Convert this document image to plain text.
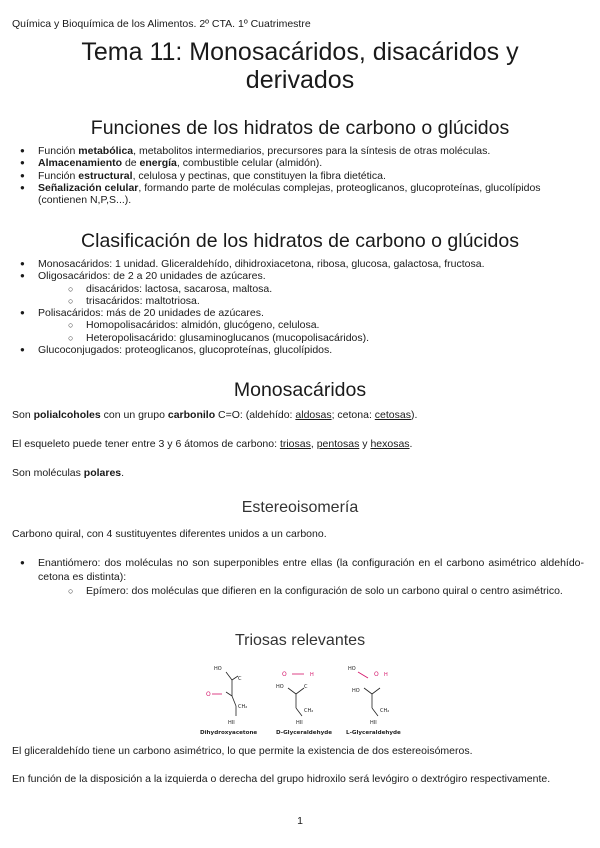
Química y Bioquímica de los Alimentos. 2º CTA. 1º Cuatrimestre
Tema 11: Monosacáridos, disacáridos y
derivados
Funciones de los hidratos de carbono o glúcidos
● Función metabólica, metabolitos intermediarios, precursores para la síntesis de otras moléculas.
● Almacenamiento de energía, combustible celular (almidón).
● Función estructural, celulosa y pectinas, que constituyen la fibra dietética.
● Señalización celular, formando parte de moléculas complejas, proteoglicanos, glucoproteínas, glucolípidos (contienen N,P,S...).
Clasificación de los hidratos de carbono o glúcidos
● Monosacáridos: 1 unidad. Gliceraldehído, dihidroxiacetona, ribosa, glucosa, galactosa, fructosa.
● Oligosacáridos: de 2 a 20 unidades de azúcares.
○ disacáridos: lactosa, sacarosa, maltosa.
○ trisacáridos: maltotriosa.
● Polisacáridos: más de 20 unidades de azúcares.
○ Homopolisacáridos: almidón, glucógeno, celulosa.
○ Heteropolisacárido: glusaminoglucanos (mucopolisacáridos).
● Glucoconjugados: proteoglicanos, glucoproteínas, glucolípidos.
Monosacáridos
Son polialcoholes con un grupo carbonilo C=O: (aldehído: aldosas; cetona: cetosas).
El esqueleto puede tener entre 3 y 6 átomos de carbono: triosas, pentosas y hexosas.
Son moléculas polares.
Estereoisomería
Carbono quiral, con 4 sustituyentes diferentes unidos a un carbono.
● Enantiómero: dos moléculas no son superponibles entre ellas (la configuración en el carbono asimétrico aldehído-cetona es distinta):
○ Epímero: dos moléculas que difieren en la configuración de solo un carbono quiral o centro asimétrico.
Triosas relevantes
HO
C
O
CH₂
HII
O	H
HO	C
CH₂
HII
HO
O H
HO
CH₂
HII
Dihydroxyacetone	D-Glyceraldehyde L-Glyceraldehyde
El gliceraldehído tiene un carbono asimétrico, lo que permite la existencia de dos estereoisómeros.
En función de la disposición a la izquierda o derecha del grupo hidroxilo será levógiro o dextrógiro respectivamente.
1
